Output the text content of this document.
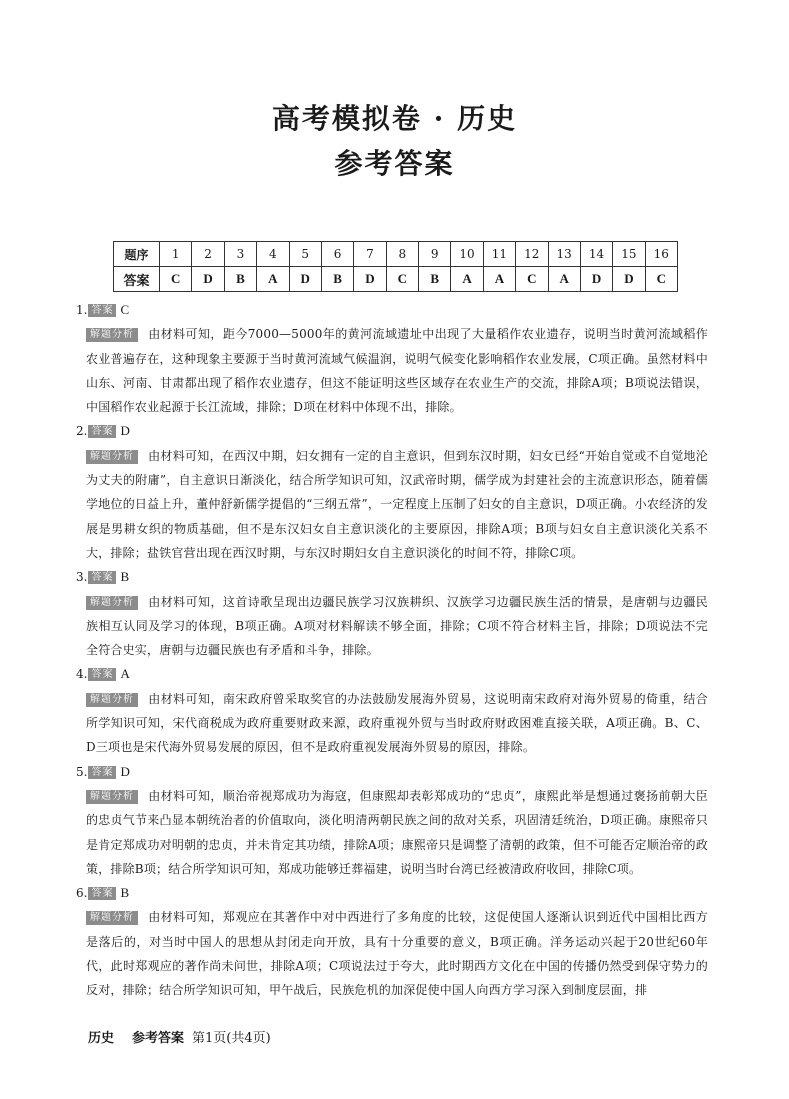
高考模拟卷 · 历史
参考答案
题序	1	2	3	4	5	6	7	8	9	10	11	12	13	14	15	16
答案	C	D	B	A	D	B	D	C	B	A	A	C	A	D	D	C
1. 答案 C
解题分析 由材料可知，距今7000—5000年的黄河流域遗址中出现了大量稻作农业遗存，说明当时黄河流域稻作农业普遍存在，这种现象主要源于当时黄河流域气候温润，说明气候变化影响稻作农业发展，C项正确。虽然材料中山东、河南、甘肃都出现了稻作农业遗存，但这不能证明这些区域存在农业生产的交流，排除A项；B项说法错误，中国稻作农业起源于长江流域，排除；D项在材料中体现不出，排除。
2. 答案 D
解题分析 由材料可知，在西汉中期，妇女拥有一定的自主意识，但到东汉时期，妇女已经“开始自觉或不自觉地沦为丈夫的附庸”，自主意识日渐淡化，结合所学知识可知，汉武帝时期，儒学成为封建社会的主流意识形态，随着儒学地位的日益上升，董仲舒新儒学提倡的“三纲五常”，一定程度上压制了妇女的自主意识，D项正确。小农经济的发展是男耕女织的物质基础，但不是东汉妇女自主意识淡化的主要原因，排除A项；B项与妇女自主意识淡化关系不大，排除；盐铁官营出现在西汉时期，与东汉时期妇女自主意识淡化的时间不符，排除C项。
3. 答案 B
解题分析 由材料可知，这首诗歌呈现出边疆民族学习汉族耕织、汉族学习边疆民族生活的情景，是唐朝与边疆民族相互认同及学习的体现，B项正确。A项对材料解读不够全面，排除；C项不符合材料主旨，排除；D项说法不完全符合史实，唐朝与边疆民族也有矛盾和斗争，排除。
4. 答案 A
解题分析 由材料可知，南宋政府曾采取奖官的办法鼓励发展海外贸易，这说明南宋政府对海外贸易的倚重，结合所学知识可知，宋代商税成为政府重要财政来源，政府重视外贸与当时政府财政困难直接关联，A项正确。B、C、D三项也是宋代海外贸易发展的原因，但不是政府重视发展海外贸易的原因，排除。
5. 答案 D
解题分析 由材料可知，顺治帝视郑成功为海寇，但康熙却表彰郑成功的“忠贞”，康熙此举是想通过褒扬前朝大臣的忠贞气节来凸显本朝统治者的价值取向，淡化明清两朝民族之间的敌对关系，巩固清廷统治，D项正确。康熙帝只是肯定郑成功对明朝的忠贞，并未肯定其功绩，排除A项；康熙帝只是调整了清朝的政策，但不可能否定顺治帝的政策，排除B项；结合所学知识可知，郑成功能够迁葬福建，说明当时台湾已经被清政府收回，排除C项。
6. 答案 B
解题分析 由材料可知，郑观应在其著作中对中西进行了多角度的比较，这促使国人逐渐认识到近代中国相比西方是落后的，对当时中国人的思想从封闭走向开放，具有十分重要的意义，B项正确。洋务运动兴起于20世纪60年代，此时郑观应的著作尚未问世，排除A项；C项说法过于夸大，此时期西方文化在中国的传播仍然受到保守势力的反对，排除；结合所学知识可知，甲午战后，民族危机的加深促使中国人向西方学习深入到制度层面，排
历史 参考答案 第1页(共4页)
